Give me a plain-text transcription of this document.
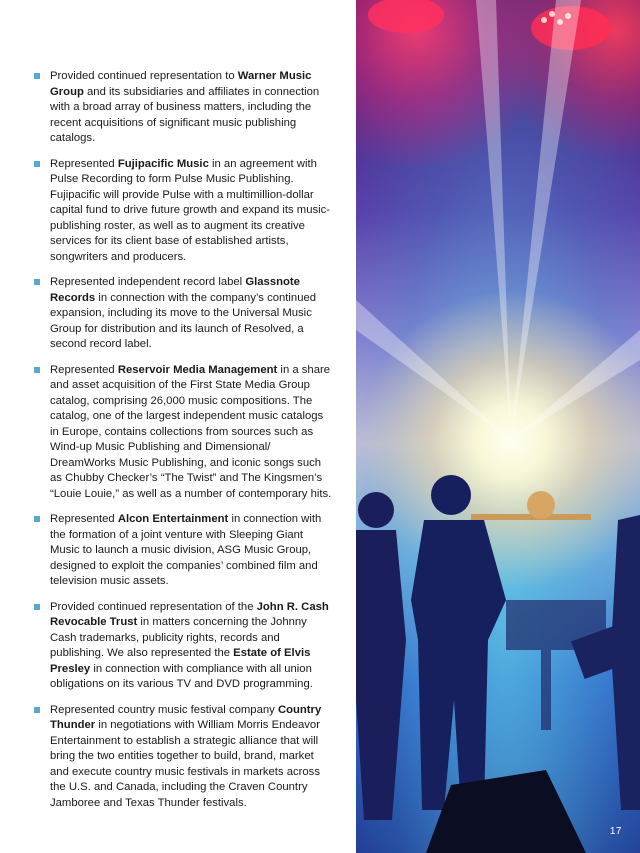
Provided continued representation to Warner Music Group and its subsidiaries and affiliates in connection with a broad array of business matters, including the recent acquisitions of significant music publishing catalogs.
Represented Fujipacific Music in an agreement with Pulse Recording to form Pulse Music Publishing. Fujipacific will provide Pulse with a multimillion-dollar capital fund to drive future growth and expand its music-publishing roster, as well as to augment its creative services for its client base of established artists, songwriters and producers.
Represented independent record label Glassnote Records in connection with the company’s continued expansion, including its move to the Universal Music Group for distribution and its launch of Resolved, a second record label.
Represented Reservoir Media Management in a share and asset acquisition of the First State Media Group catalog, comprising 26,000 music compositions. The catalog, one of the largest independent music catalogs in Europe, contains collections from sources such as Wind-up Music Publishing and Dimensional/ DreamWorks Music Publishing, and iconic songs such as Chubby Checker’s “The Twist” and The Kingsmen’s “Louie Louie,” as well as a number of contemporary hits.
Represented Alcon Entertainment in connection with the formation of a joint venture with Sleeping Giant Music to launch a music division, ASG Music Group, designed to exploit the companies’ combined film and television music assets.
Provided continued representation of the John R. Cash Revocable Trust in matters concerning the Johnny Cash trademarks, publicity rights, records and publishing. We also represented the Estate of Elvis Presley in connection with compliance with all union obligations on its various TV and DVD programming.
Represented country music festival company Country Thunder in negotiations with William Morris Endeavor Entertainment to establish a strategic alliance that will bring the two entities together to build, brand, market and execute country music festivals in markets across the U.S. and Canada, including the Craven Country Jamboree and Texas Thunder festivals.
17
